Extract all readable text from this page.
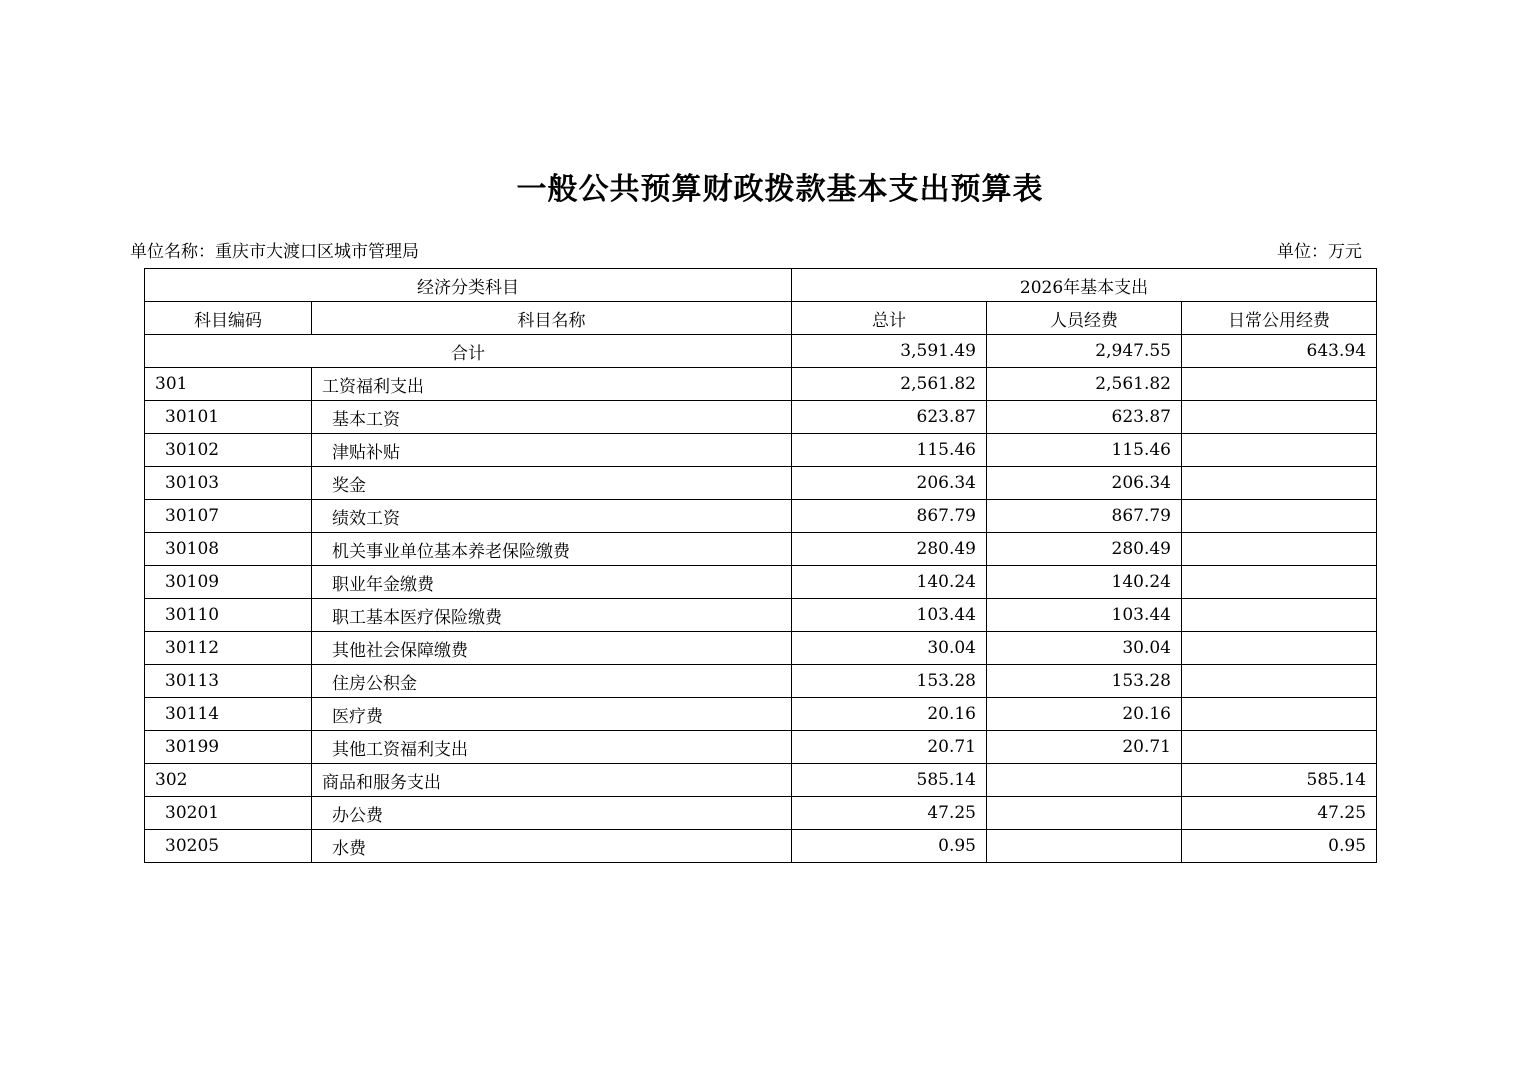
一般公共预算财政拨款基本支出预算表
单位名称：重庆市大渡口区城市管理局	单位：万元
经济分类科目		2026年基本支出		
科目编码	科目名称	总计	人员经费	日常公用经费
合计		3,591.49	2,947.55	643.94
301	工资福利支出	2,561.82	2,561.82	
30101	基本工资	623.87	623.87	
30102	津贴补贴	115.46	115.46	
30103	奖金	206.34	206.34	
30107	绩效工资	867.79	867.79	
30108	机关事业单位基本养老保险缴费	280.49	280.49	
30109	职业年金缴费	140.24	140.24	
30110	职工基本医疗保险缴费	103.44	103.44	
30112	其他社会保障缴费	30.04	30.04	
30113	住房公积金	153.28	153.28	
30114	医疗费	20.16	20.16	
30199	其他工资福利支出	20.71	20.71	
302	商品和服务支出	585.14		585.14
30201	办公费	47.25		47.25
30205	水费	0.95		0.95
